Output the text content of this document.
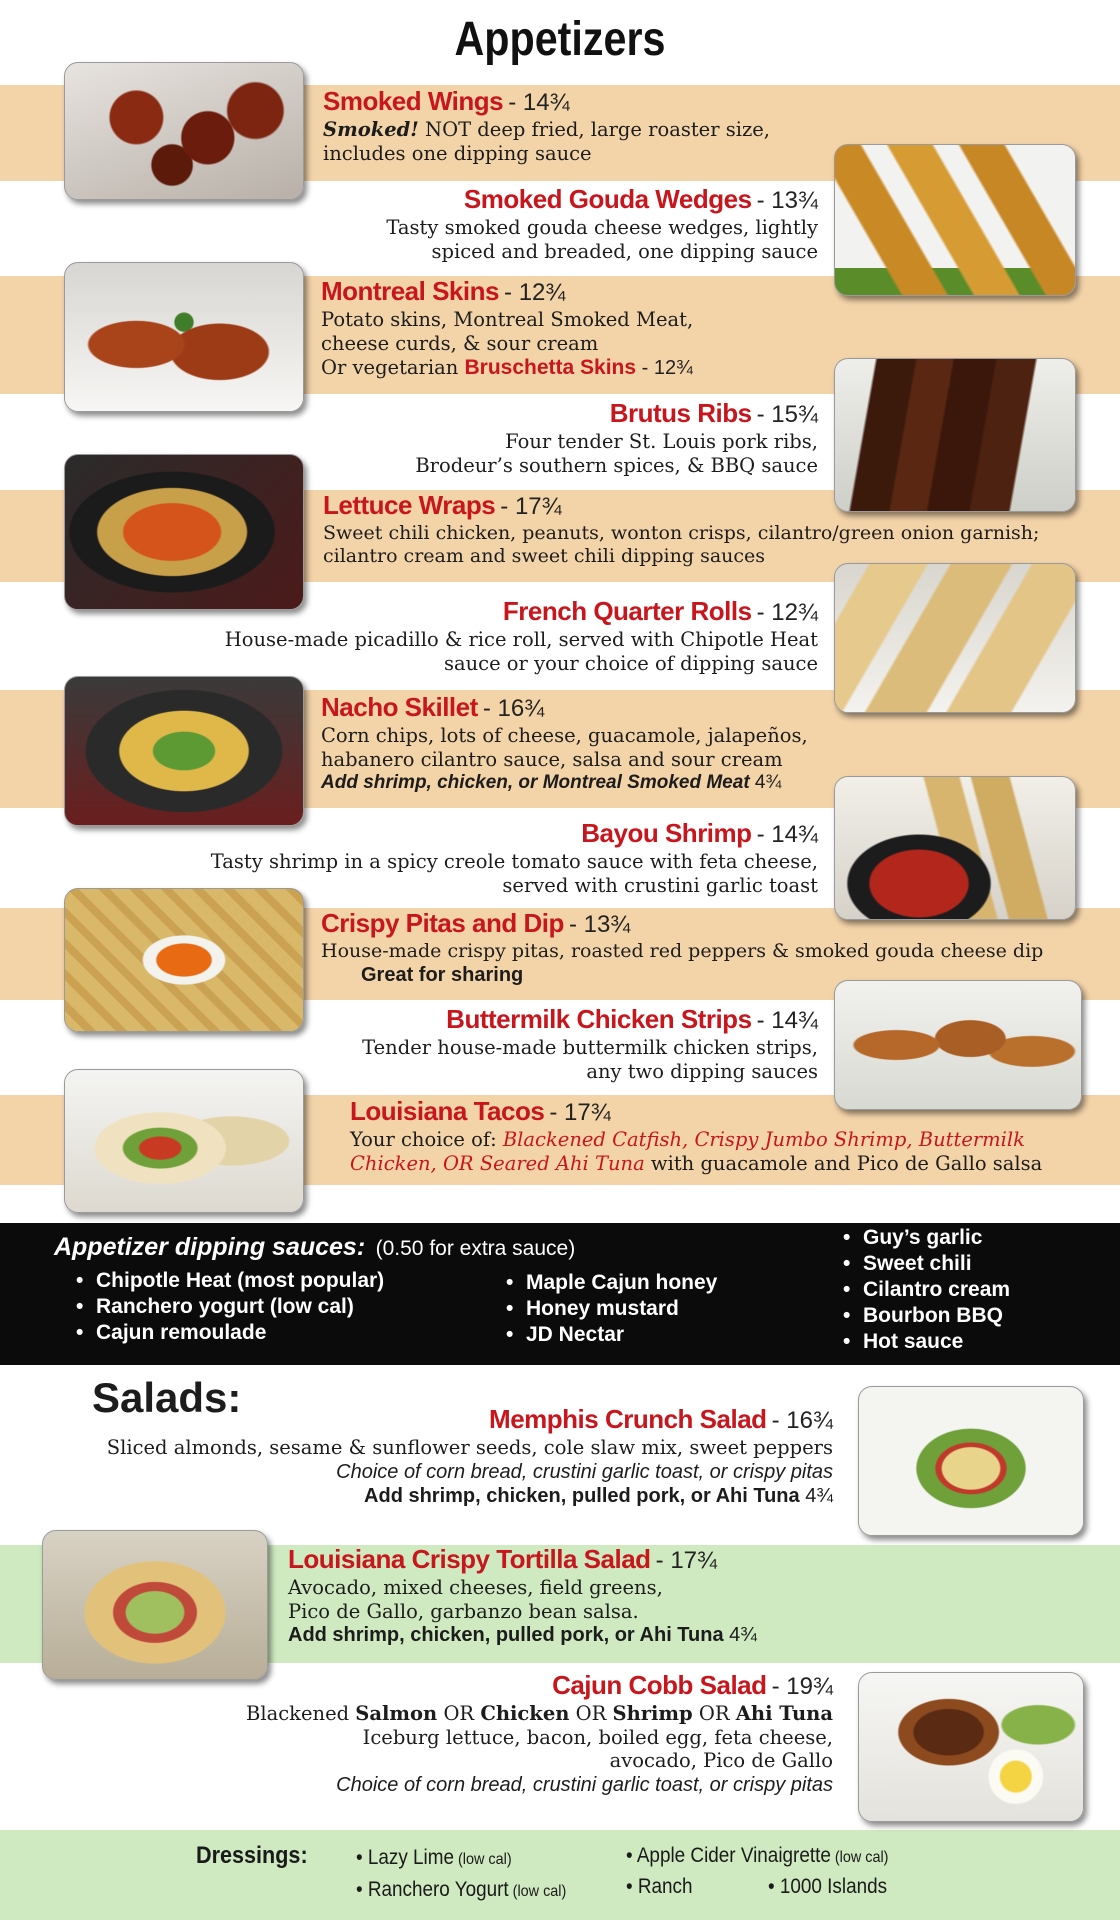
Appetizers
Smoked Wings - 14¾
Smoked! NOT deep fried, large roaster size,
includes one dipping sauce
Smoked Gouda Wedges - 13¾
Tasty smoked gouda cheese wedges, lightly
spiced and breaded, one dipping sauce
Montreal Skins - 12¾
Potato skins, Montreal Smoked Meat,
cheese curds, & sour cream
Or vegetarian Bruschetta Skins - 12¾
Brutus Ribs - 15¾
Four tender St. Louis pork ribs,
Brodeur’s southern spices, & BBQ sauce
Lettuce Wraps - 17¾
Sweet chili chicken, peanuts, wonton crisps, cilantro/green onion garnish;
cilantro cream and sweet chili dipping sauces
French Quarter Rolls - 12¾
House-made picadillo & rice roll, served with Chipotle Heat
sauce or your choice of dipping sauce
Nacho Skillet - 16¾
Corn chips, lots of cheese, guacamole, jalapeños,
habanero cilantro sauce, salsa and sour cream
Add shrimp, chicken, or Montreal Smoked Meat 4¾
Bayou Shrimp - 14¾
Tasty shrimp in a spicy creole tomato sauce with feta cheese,
served with crustini garlic toast
Crispy Pitas and Dip - 13¾
House-made crispy pitas, roasted red peppers & smoked gouda cheese dip
Great for sharing
Buttermilk Chicken Strips - 14¾
Tender house-made buttermilk chicken strips,
any two dipping sauces
Louisiana Tacos - 17¾
Your choice of: Blackened Catfish, Crispy Jumbo Shrimp, Buttermilk
Chicken, OR Seared Ahi Tuna with guacamole and Pico de Gallo salsa
Appetizer dipping sauces: (0.50 for extra sauce)
• Chipotle Heat (most popular)
• Ranchero yogurt (low cal)
• Cajun remoulade
• Maple Cajun honey
• Honey mustard
• JD Nectar
• Guy’s garlic
• Sweet chili
• Cilantro cream
• Bourbon BBQ
• Hot sauce
Salads:	Memphis Crunch Salad - 16¾
Sliced almonds, sesame & sunflower seeds, cole slaw mix, sweet peppers
Choice of corn bread, crustini garlic toast, or crispy pitas
Add shrimp, chicken, pulled pork, or Ahi Tuna 4¾
Louisiana Crispy Tortilla Salad - 17¾
Avocado, mixed cheeses, field greens,
Pico de Gallo, garbanzo bean salsa.
Add shrimp, chicken, pulled pork, or Ahi Tuna 4¾
Cajun Cobb Salad - 19¾
Blackened Salmon OR Chicken OR Shrimp OR Ahi Tuna
Iceburg lettuce, bacon, boiled egg, feta cheese,
avocado, Pico de Gallo
Choice of corn bread, crustini garlic toast, or crispy pitas
Dressings: • Lazy Lime (low cal)
• Ranchero Yogurt (low cal)
• Apple Cider Vinaigrette (low cal)
• Ranch	• 1000 Islands
